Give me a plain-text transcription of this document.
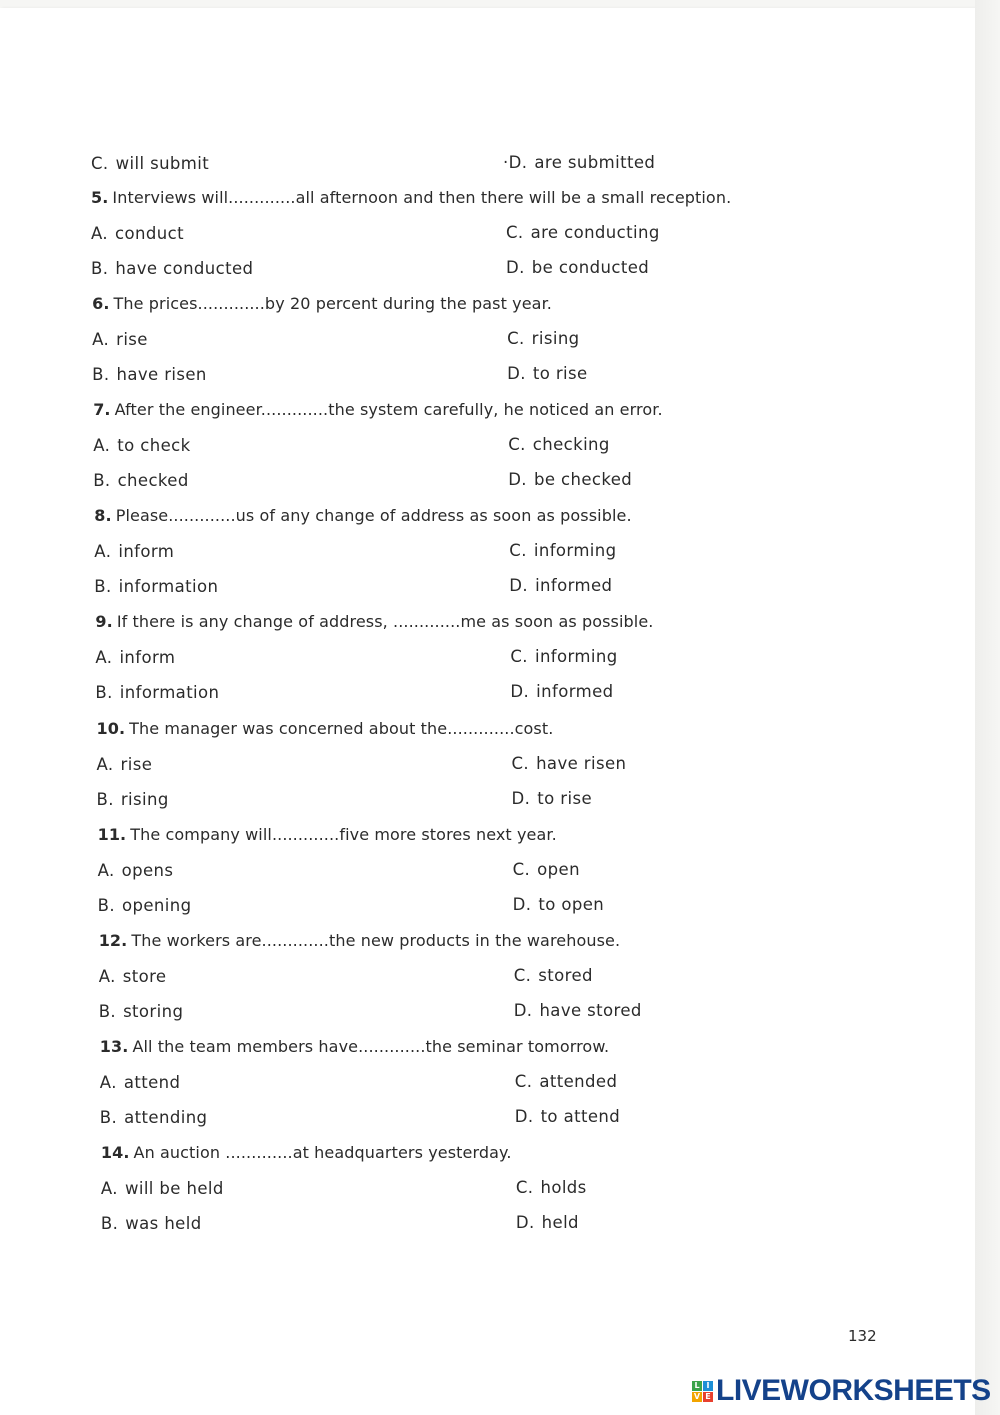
C. will submit	·D. are submitted
5. Interviews will.............all afternoon and then there will be a small reception.
A. conduct
B. have conducted
C. are conducting
D. be conducted
6. The prices.............by 20 percent during the past year.
A. rise
B. have risen
C. rising
D. to rise
7. After the engineer.............the system carefully, he noticed an error.
A. to check
B. checked
C. checking
D. be checked
8. Please.............us of any change of address as soon as possible.
A. inform
B. information
C. informing
D. informed
9. If there is any change of address, .............me as soon as possible.
A. inform
B. information
C. informing
D. informed
10. The manager was concerned about the.............cost.
A. rise
B. rising
C. have risen
D. to rise
11. The company will.............five more stores next year.
A. opens
B. opening
C. open
D. to open
12. The workers are.............the new products in the warehouse.
A. store
B. storing
C. stored
D. have stored
13. All the team members have.............the seminar tomorrow.
A. attend
B. attending
C. attended
D. to attend
14. An auction .............at headquarters yesterday.
A. will be held
B. was held
C. holds
D. held
132
L I
V E LIVEWORKSHEETS
